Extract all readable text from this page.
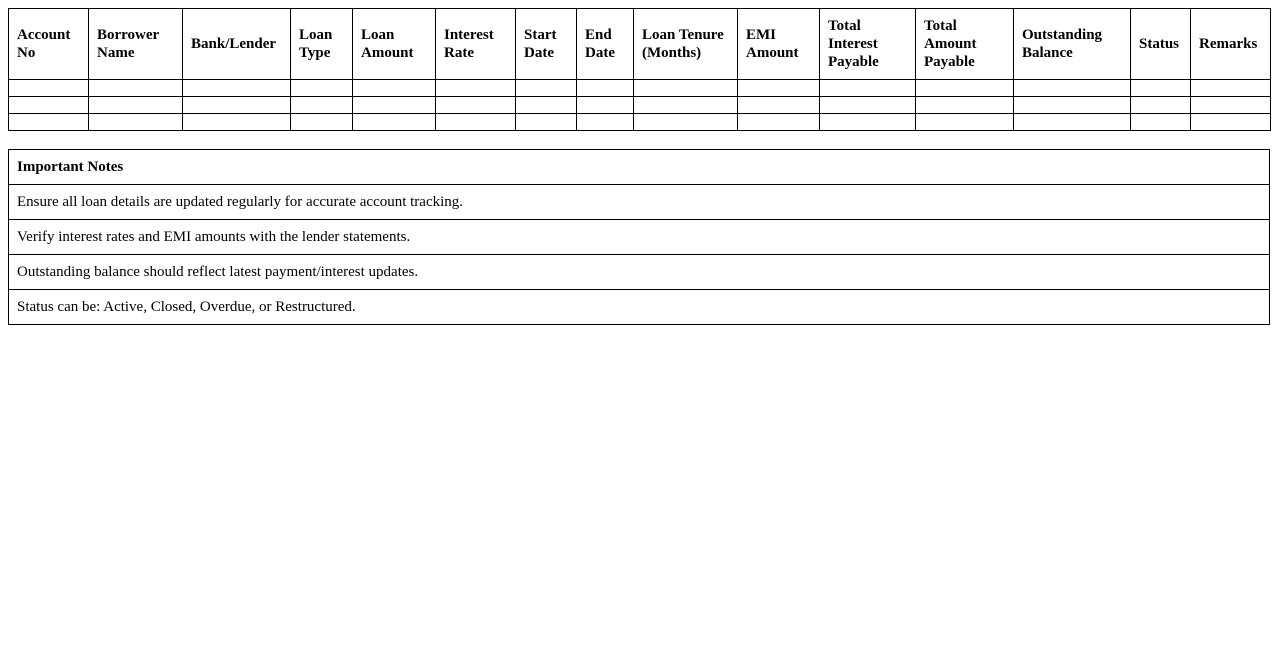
Account No	Borrower Name	Bank/Lender	Loan Type	Loan Amount	Interest Rate	Start Date	End Date	Loan Tenure (Months)	EMI Amount	Total Interest Payable	Total Amount Payable	Outstanding Balance	Status	Remarks

Important Notes
Ensure all loan details are updated regularly for accurate account tracking.
Verify interest rates and EMI amounts with the lender statements.
Outstanding balance should reflect latest payment/interest updates.
Status can be: Active, Closed, Overdue, or Restructured.
